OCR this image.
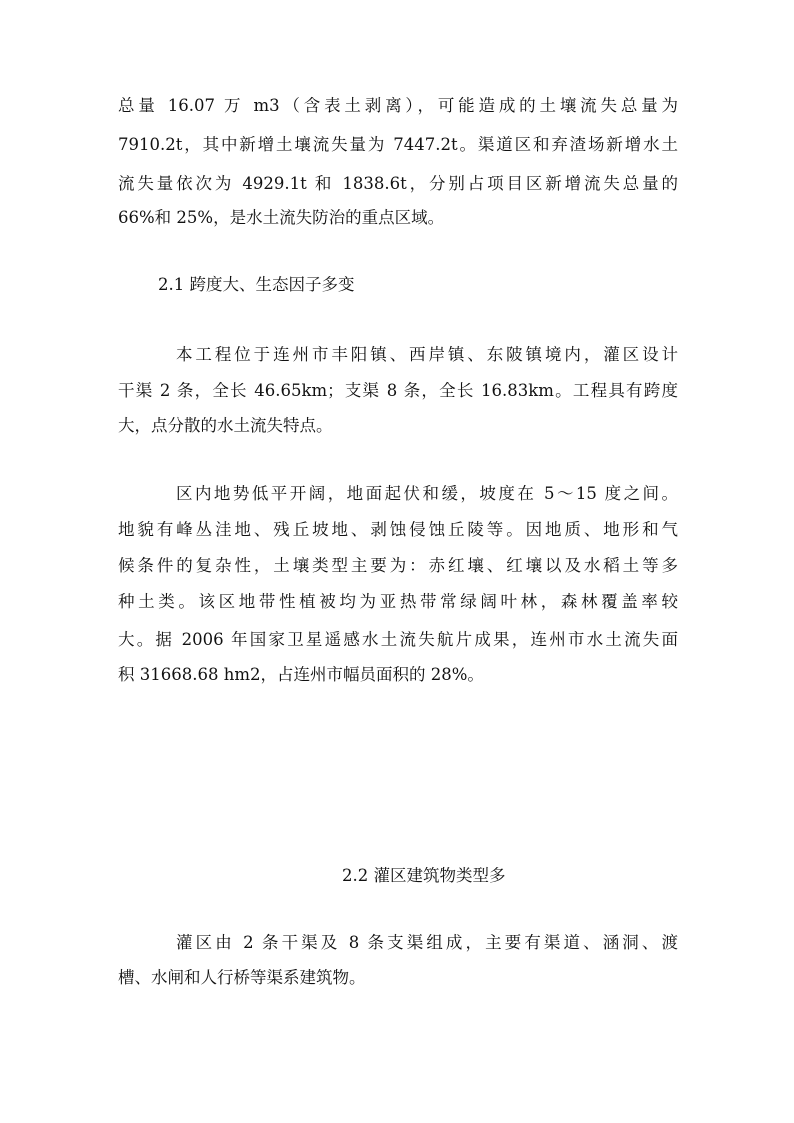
总量 16.07 万 m3（含表土剥离），可能造成的土壤流失总量为
7910.2t，其中新增土壤流失量为 7447.2t。渠道区和弃渣场新增水土
流失量依次为 4929.1t 和 1838.6t，分别占项目区新增流失总量的
66%和 25%，是水土流失防治的重点区域。
2.1 跨度大、生态因子多变
本工程位于连州市丰阳镇、西岸镇、东陂镇境内，灌区设计
干渠 2 条，全长 46.65km；支渠 8 条，全长 16.83km。工程具有跨度
大，点分散的水土流失特点。
区内地势低平开阔，地面起伏和缓，坡度在 5～15 度之间。
地貌有峰丛洼地、残丘坡地、剥蚀侵蚀丘陵等。因地质、地形和气
候条件的复杂性，土壤类型主要为：赤红壤、红壤以及水稻土等多
种土类。该区地带性植被均为亚热带常绿阔叶林，森林覆盖率较
大。据 2006 年国家卫星遥感水土流失航片成果，连州市水土流失面
积 31668.68 hm2，占连州市幅员面积的 28%。
2.2 灌区建筑物类型多
灌区由 2 条干渠及 8 条支渠组成，主要有渠道、涵洞、渡
槽、水闸和人行桥等渠系建筑物。
